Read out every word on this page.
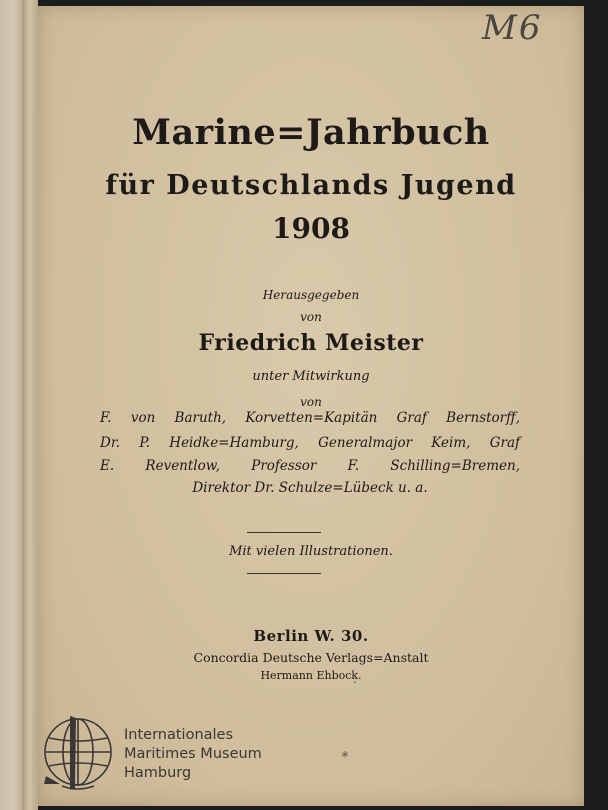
M6
Marine=Jahrbuch
für Deutschlands Jugend
1908
Herausgegeben
von
Friedrich Meister
unter Mitwirkung
von
F. von Baruth, Korvetten=Kapitän Graf Bernstorff,
Dr. P. Heidke=Hamburg, Generalmajor Keim, Graf
E. Reventlow, Professor F. Schilling=Bremen,
Direktor Dr. Schulze=Lübeck u. a.
Mit vielen Illustrationen.
Berlin W. 30.
Concordia Deutsche Verlags=Anstalt
Hermann Ehbock.
˙
⁎
Internationales
Maritimes Museum
Hamburg
